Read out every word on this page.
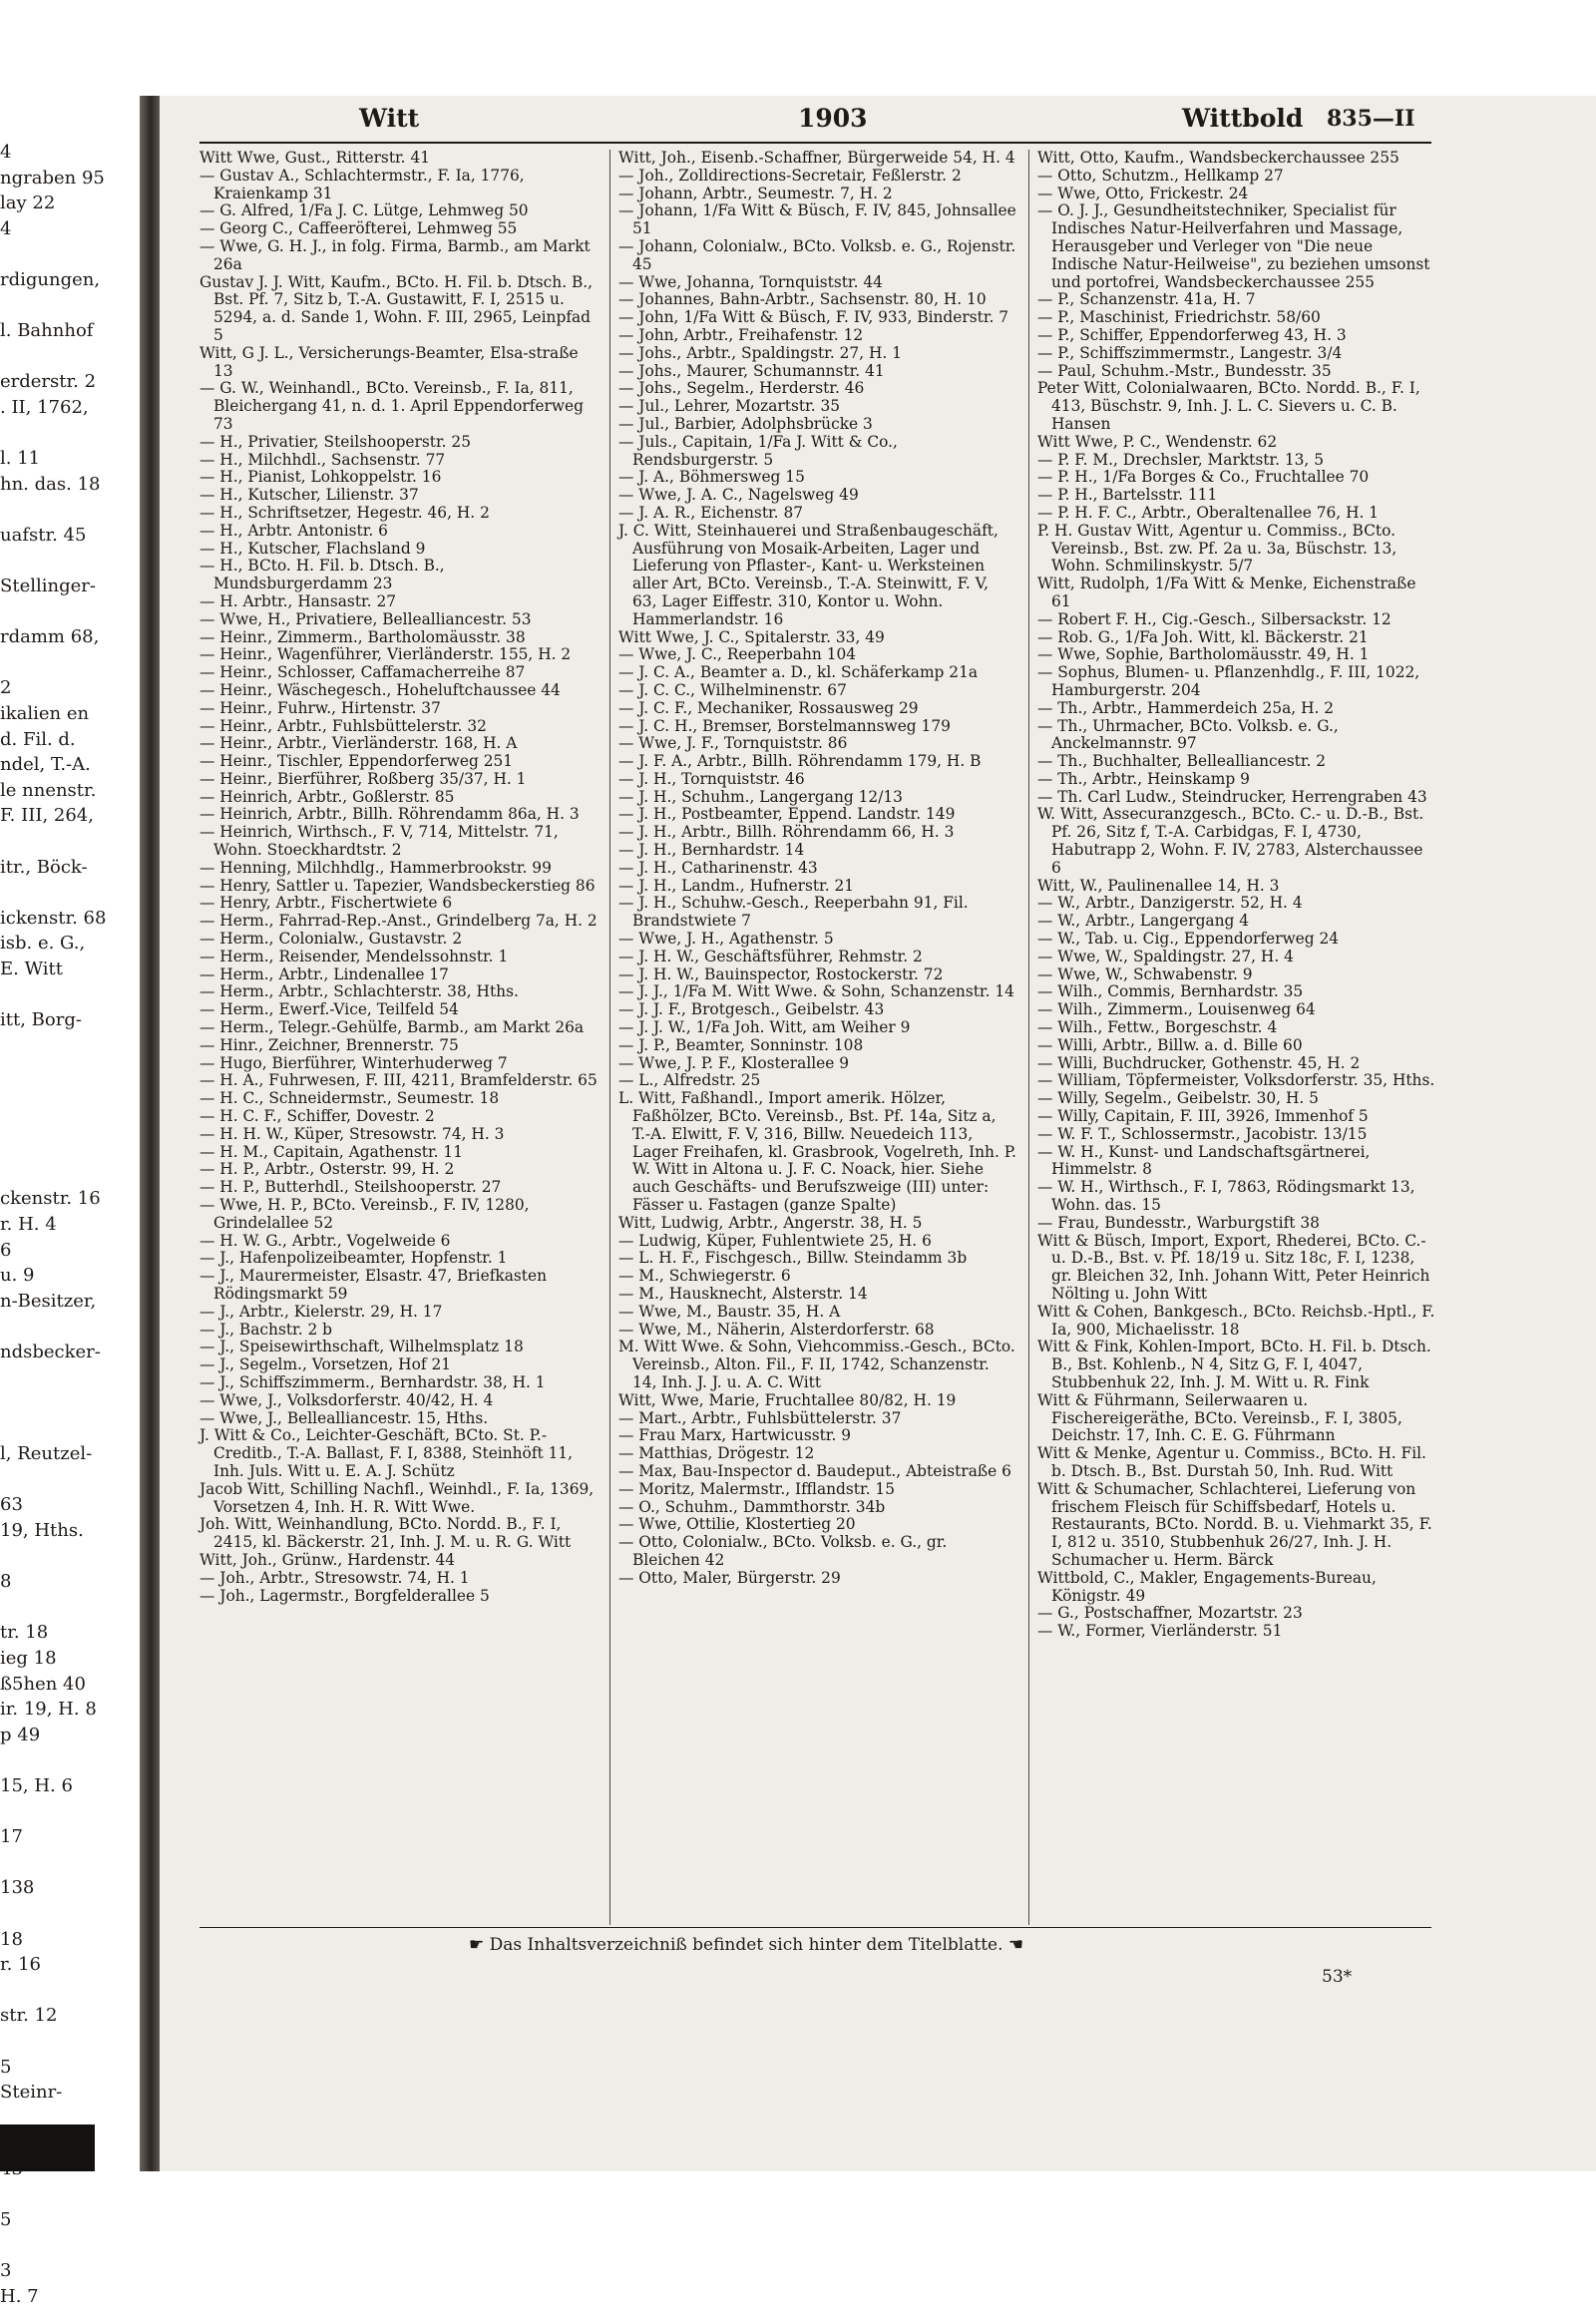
4
ngraben 95
lay 22
4
rdigungen,
l. Bahnhof
erderstr. 2
. II, 1762,
l. 11
hn. das. 18
uafstr. 45
Stellinger-
rdamm 68,
2
ikalien en
d. Fil. d.
ndel, T.-A.
le nnenstr.
F. III, 264,
itr., Böck-
ickenstr. 68
isb. e. G.,
E. Witt
itt, Borg-
ckenstr. 16
r. H. 4
6
u. 9
n-Besitzer,
ndsbecker-
l, Reutzel-
63
19, Hths.
8
tr. 18
ieg 18
ß5hen 40
ir. 19, H. 8
p 49
15, H. 6
17
138
18
r. 16
str. 12
5
Steinr-
5
3
H. 7
Witt	1903	Wittbold 835—II

Witt Wwe, Gust., Ritterstr. 41

— Gustav A., Schlachtermstr., F. Ia, 1776, Kraienkamp 31

— G. Alfred, 1/Fa J. C. Lütge, Lehmweg 50

— Georg C., Caffeeröfterei, Lehmweg 55

— Wwe, G. H. J., in folg. Firma, Barmb., am Markt 26a

Gustav J. J. Witt, Kaufm., BCto. H. Fil. b. Dtsch. B., Bst. Pf. 7, Sitz b, T.-A. Gustawitt, F. I, 2515 u. 5294, a. d. Sande 1, Wohn. F. III, 2965, Leinpfad 5

Witt, G J. L., Versicherungs-Beamter, Elsa-straße 13

— G. W., Weinhandl., BCto. Vereinsb., F. Ia, 811, Bleichergang 41, n. d. 1. April Eppendorferweg 73

— H., Privatier, Steilshooperstr. 25

— H., Milchhdl., Sachsenstr. 77

— H., Pianist, Lohkoppelstr. 16

— H., Kutscher, Lilienstr. 37

— H., Schriftsetzer, Hegestr. 46, H. 2

— H., Arbtr. Antonistr. 6

— H., Kutscher, Flachsland 9

— H., BCto. H. Fil. b. Dtsch. B., Mundsburgerdamm 23

— H. Arbtr., Hansastr. 27

— Wwe, H., Privatiere, Bellealliancestr. 53

— Heinr., Zimmerm., Bartholomäusstr. 38

— Heinr., Wagenführer, Vierländerstr. 155, H. 2

— Heinr., Schlosser, Caffamacherreihe 87

— Heinr., Wäschegesch., Hoheluftchaussee 44

— Heinr., Fuhrw., Hirtenstr. 37

— Heinr., Arbtr., Fuhlsbüttelerstr. 32

— Heinr., Arbtr., Vierländerstr. 168, H. A

— Heinr., Tischler, Eppendorferweg 251

— Heinr., Bierführer, Roßberg 35/37, H. 1

— Heinrich, Arbtr., Goßlerstr. 85

— Heinrich, Arbtr., Billh. Röhrendamm 86a, H. 3

— Heinrich, Wirthsch., F. V, 714, Mittelstr. 71, Wohn. Stoeckhardtstr. 2

— Henning, Milchhdlg., Hammerbrookstr. 99

— Henry, Sattler u. Tapezier, Wandsbeckerstieg 86

— Henry, Arbtr., Fischertwiete 6

— Herm., Fahrrad-Rep.-Anst., Grindelberg 7a, H. 2

— Herm., Colonialw., Gustavstr. 2

— Herm., Reisender, Mendelssohnstr. 1

— Herm., Arbtr., Lindenallee 17

— Herm., Arbtr., Schlachterstr. 38, Hths.

— Herm., Ewerf.-Vice, Teilfeld 54

— Herm., Telegr.-Gehülfe, Barmb., am Markt 26a

— Hinr., Zeichner, Brennerstr. 75

— Hugo, Bierführer, Winterhuderweg 7

— H. A., Fuhrwesen, F. III, 4211, Bramfelderstr. 65

— H. C., Schneidermstr., Seumestr. 18

— H. C. F., Schiffer, Dovestr. 2

— H. H. W., Küper, Stresowstr. 74, H. 3

— H. M., Capitain, Agathenstr. 11

— H. P., Arbtr., Osterstr. 99, H. 2

— H. P., Butterhdl., Steilshooperstr. 27

— Wwe, H. P., BCto. Vereinsb., F. IV, 1280, Grindelallee 52

— H. W. G., Arbtr., Vogelweide 6

— J., Hafenpolizeibeamter, Hopfenstr. 1

— J., Maurermeister, Elsastr. 47, Briefkasten Rödingsmarkt 59

— J., Arbtr., Kielerstr. 29, H. 17

— J., Bachstr. 2 b

— J., Speisewirthschaft, Wilhelmsplatz 18

— J., Segelm., Vorsetzen, Hof 21

— J., Schiffszimmerm., Bernhardstr. 38, H. 1

— Wwe, J., Volksdorferstr. 40/42, H. 4

— Wwe, J., Bellealliancestr. 15, Hths.

J. Witt & Co., Leichter-Geschäft, BCto. St. P.-Creditb., T.-A. Ballast, F. I, 8388, Steinhöft 11, Inh. Juls. Witt u. E. A. J. Schütz

Jacob Witt, Schilling Nachfl., Weinhdl., F. Ia, 1369, Vorsetzen 4, Inh. H. R. Witt Wwe.

Joh. Witt, Weinhandlung, BCto. Nordd. B., F. I, 2415, kl. Bäckerstr. 21, Inh. J. M. u. R. G. Witt

Witt, Joh., Grünw., Hardenstr. 44

— Joh., Arbtr., Stresowstr. 74, H. 1

— Joh., Lagermstr., Borgfelderallee 5

Witt, Joh., Eisenb.-Schaffner, Bürgerweide 54, H. 4

— Joh., Zolldirections-Secretair, Feßlerstr. 2

— Johann, Arbtr., Seumestr. 7, H. 2

— Johann, 1/Fa Witt & Büsch, F. IV, 845, Johnsallee 51

— Johann, Colonialw., BCto. Volksb. e. G., Rojenstr. 45

— Wwe, Johanna, Tornquiststr. 44

— Johannes, Bahn-Arbtr., Sachsenstr. 80, H. 10

— John, 1/Fa Witt & Büsch, F. IV, 933, Binderstr. 7

— John, Arbtr., Freihafenstr. 12

— Johs., Arbtr., Spaldingstr. 27, H. 1

— Johs., Maurer, Schumannstr. 41

— Johs., Segelm., Herderstr. 46

— Jul., Lehrer, Mozartstr. 35

— Jul., Barbier, Adolphsbrücke 3

— Juls., Capitain, 1/Fa J. Witt & Co., Rendsburgerstr. 5

— J. A., Böhmersweg 15

— Wwe, J. A. C., Nagelsweg 49

— J. A. R., Eichenstr. 87

J. C. Witt, Steinhauerei und Straßenbaugeschäft, Ausführung von Mosaik-Arbeiten, Lager und Lieferung von Pflaster-, Kant- u. Werksteinen aller Art, BCto. Vereinsb., T.-A. Steinwitt, F. V, 63, Lager Eiffestr. 310, Kontor u. Wohn. Hammerlandstr. 16

Witt Wwe, J. C., Spitalerstr. 33, 49

— Wwe, J. C., Reeperbahn 104

— J. C. A., Beamter a. D., kl. Schäferkamp 21a

— J. C. C., Wilhelminenstr. 67

— J. C. F., Mechaniker, Rossausweg 29

— J. C. H., Bremser, Borstelmannsweg 179

— Wwe, J. F., Tornquiststr. 86

— J. F. A., Arbtr., Billh. Röhrendamm 179, H. B

— J. H., Tornquiststr. 46

— J. H., Schuhm., Langergang 12/13

— J. H., Postbeamter, Eppend. Landstr. 149

— J. H., Arbtr., Billh. Röhrendamm 66, H. 3

— J. H., Bernhardstr. 14

— J. H., Catharinenstr. 43

— J. H., Landm., Hufnerstr. 21

— J. H., Schuhw.-Gesch., Reeperbahn 91, Fil. Brandstwiete 7

— Wwe, J. H., Agathenstr. 5

— J. H. W., Geschäftsführer, Rehmstr. 2

— J. H. W., Bauinspector, Rostockerstr. 72

— J. J., 1/Fa M. Witt Wwe. & Sohn, Schanzenstr. 14

— J. J. F., Brotgesch., Geibelstr. 43

— J. J. W., 1/Fa Joh. Witt, am Weiher 9

— J. P., Beamter, Sonninstr. 108

— Wwe, J. P. F., Klosterallee 9

— L., Alfredstr. 25

L. Witt, Faßhandl., Import amerik. Hölzer, Faßhölzer, BCto. Vereinsb., Bst. Pf. 14a, Sitz a, T.-A. Elwitt, F. V, 316, Billw. Neuedeich 113, Lager Freihafen, kl. Grasbrook, Vogelreth, Inh. P. W. Witt in Altona u. J. F. C. Noack, hier. Siehe auch Geschäfts- und Berufszweige (III) unter: Fässer u. Fastagen (ganze Spalte)

Witt, Ludwig, Arbtr., Angerstr. 38, H. 5

— Ludwig, Küper, Fuhlentwiete 25, H. 6

— L. H. F., Fischgesch., Billw. Steindamm 3b

— M., Schwiegerstr. 6

— M., Hausknecht, Alsterstr. 14

— Wwe, M., Baustr. 35, H. A

— Wwe, M., Näherin, Alsterdorferstr. 68

M. Witt Wwe. & Sohn, Viehcommiss.-Gesch., BCto. Vereinsb., Alton. Fil., F. II, 1742, Schanzenstr. 14, Inh. J. J. u. A. C. Witt

Witt, Wwe, Marie, Fruchtallee 80/82, H. 19

— Mart., Arbtr., Fuhlsbüttelerstr. 37

— Frau Marx, Hartwicusstr. 9

— Matthias, Drögestr. 12

— Max, Bau-Inspector d. Baudeput., Abteistraße 6

— Moritz, Malermstr., Ifflandstr. 15

— O., Schuhm., Dammthorstr. 34b

— Wwe, Ottilie, Klostertieg 20

— Otto, Colonialw., BCto. Volksb. e. G., gr. Bleichen 42

— Otto, Maler, Bürgerstr. 29

Witt, Otto, Kaufm., Wandsbeckerchaussee 255

— Otto, Schutzm., Hellkamp 27

— Wwe, Otto, Frickestr. 24

— O. J. J., Gesundheitstechniker, Specialist für Indisches Natur-Heilverfahren und Massage, Herausgeber und Verleger von "Die neue Indische Natur-Heilweise", zu beziehen umsonst und portofrei, Wandsbeckerchaussee 255

— P., Schanzenstr. 41a, H. 7

— P., Maschinist, Friedrichstr. 58/60

— P., Schiffer, Eppendorferweg 43, H. 3

— P., Schiffszimmermstr., Langestr. 3/4

— Paul, Schuhm.-Mstr., Bundesstr. 35

Peter Witt, Colonialwaaren, BCto. Nordd. B., F. I, 413, Büschstr. 9, Inh. J. L. C. Sievers u. C. B. Hansen

Witt Wwe, P. C., Wendenstr. 62

— P. F. M., Drechsler, Marktstr. 13, 5

— P. H., 1/Fa Borges & Co., Fruchtallee 70

— P. H., Bartelsstr. 111

— P. H. F. C., Arbtr., Oberaltenallee 76, H. 1

P. H. Gustav Witt, Agentur u. Commiss., BCto. Vereinsb., Bst. zw. Pf. 2a u. 3a, Büschstr. 13, Wohn. Schmilinskystr. 5/7

Witt, Rudolph, 1/Fa Witt & Menke, Eichenstraße 61

— Robert F. H., Cig.-Gesch., Silbersackstr. 12

— Rob. G., 1/Fa Joh. Witt, kl. Bäckerstr. 21

— Wwe, Sophie, Bartholomäusstr. 49, H. 1

— Sophus, Blumen- u. Pflanzenhdlg., F. III, 1022, Hamburgerstr. 204

— Th., Arbtr., Hammerdeich 25a, H. 2

— Th., Uhrmacher, BCto. Volksb. e. G., Anckelmannstr. 97

— Th., Buchhalter, Bellealliancestr. 2

— Th., Arbtr., Heinskamp 9

— Th. Carl Ludw., Steindrucker, Herrengraben 43

W. Witt, Assecuranzgesch., BCto. C.- u. D.-B., Bst. Pf. 26, Sitz f, T.-A. Carbidgas, F. I, 4730, Habutrapp 2, Wohn. F. IV, 2783, Alsterchaussee 6

Witt, W., Paulinenallee 14, H. 3

— W., Arbtr., Danzigerstr. 52, H. 4

— W., Arbtr., Langergang 4

— W., Tab. u. Cig., Eppendorferweg 24

— Wwe, W., Spaldingstr. 27, H. 4

— Wwe, W., Schwabenstr. 9

— Wilh., Commis, Bernhardstr. 35

— Wilh., Zimmerm., Louisenweg 64

— Wilh., Fettw., Borgeschstr. 4

— Willi, Arbtr., Billw. a. d. Bille 60

— Willi, Buchdrucker, Gothenstr. 45, H. 2

— William, Töpfermeister, Volksdorferstr. 35, Hths.

— Willy, Segelm., Geibelstr. 30, H. 5

— Willy, Capitain, F. III, 3926, Immenhof 5

— W. F. T., Schlossermstr., Jacobistr. 13/15

— W. H., Kunst- und Landschaftsgärtnerei, Himmelstr. 8

— W. H., Wirthsch., F. I, 7863, Rödingsmarkt 13, Wohn. das. 15

— Frau, Bundesstr., Warburgstift 38

Witt & Büsch, Import, Export, Rhederei, BCto. C.- u. D.-B., Bst. v. Pf. 18/19 u. Sitz 18c, F. I, 1238, gr. Bleichen 32, Inh. Johann Witt, Peter Heinrich Nölting u. John Witt

Witt & Cohen, Bankgesch., BCto. Reichsb.-Hptl., F. Ia, 900, Michaelisstr. 18

Witt & Fink, Kohlen-Import, BCto. H. Fil. b. Dtsch. B., Bst. Kohlenb., N 4, Sitz G, F. I, 4047, Stubbenhuk 22, Inh. J. M. Witt u. R. Fink

Witt & Führmann, Seilerwaaren u. Fischereigeräthe, BCto. Vereinsb., F. I, 3805, Deichstr. 17, Inh. C. E. G. Führmann

Witt & Menke, Agentur u. Commiss., BCto. H. Fil. b. Dtsch. B., Bst. Durstah 50, Inh. Rud. Witt

Witt & Schumacher, Schlachterei, Lieferung von frischem Fleisch für Schiffsbedarf, Hotels u. Restaurants, BCto. Nordd. B. u. Viehmarkt 35, F. I, 812 u. 3510, Stubbenhuk 26/27, Inh. J. H. Schumacher u. Herm. Bärck

Wittbold, C., Makler, Engagements-Bureau, Königstr. 49

— G., Postschaffner, Mozartstr. 23

— W., Former, Vierländerstr. 51

☛ Das Inhaltsverzeichniß befindet sich hinter dem Titelblatte. ☚
53*
